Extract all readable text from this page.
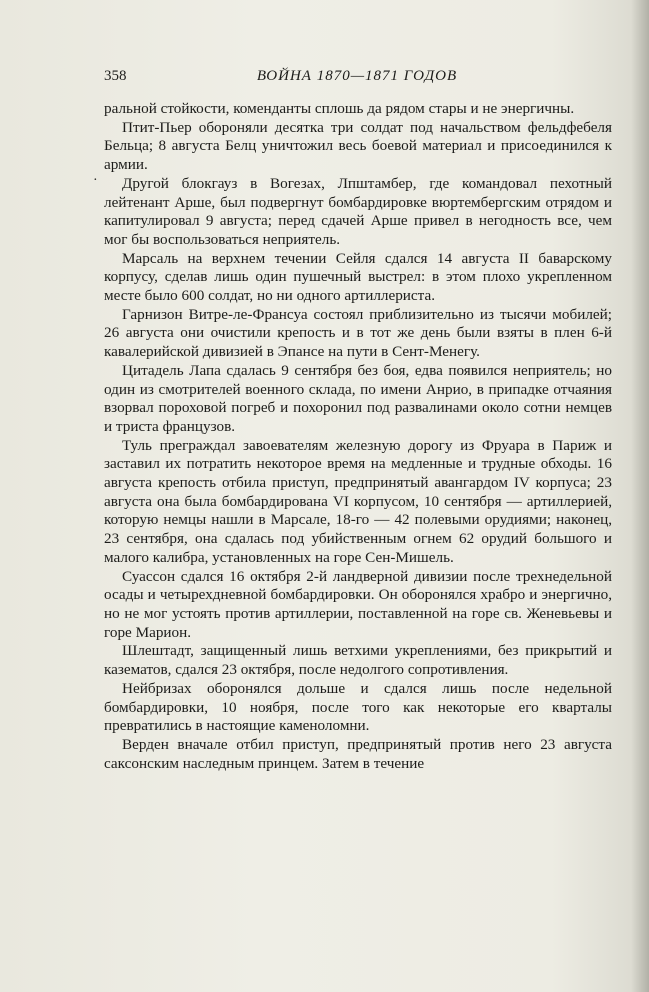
358	ВОЙНА 1870—1871 ГОДОВ
·

ральной стойкости, коменданты сплошь да рядом стары и не энергичны.

Птит-Пьер обороняли десятка три солдат под начальством фельдфебеля Бельца; 8 августа Белц уничтожил весь боевой материал и присоединился к армии.

Другой блокгауз в Вогезах, Лпштамбер, где командовал пехотный лейтенант Арше, был подвергнут бомбардировке вюртембергским отрядом и капитулировал 9 августа; перед сдачей Арше привел в негодность все, чем мог бы воспользоваться неприятель.

Марсаль на верхнем течении Сейля сдался 14 августа II баварскому корпусу, сделав лишь один пушечный выстрел: в этом плохо укрепленном месте было 600 солдат, но ни одного артиллериста.

Гарнизон Витре-ле-Франсуа состоял приблизительно из тысячи мобилей; 26 августа они очистили крепость и в тот же день были взяты в плен 6-й кавалерийской дивизией в Эпансе на пути в Сент-Менегу.

Цитадель Лапа сдалась 9 сентября без боя, едва появился неприятель; но один из смотрителей военного склада, по имени Анрио, в припадке отчаяния взорвал пороховой погреб и похоронил под развалинами около сотни немцев и триста французов.

Туль преграждал завоевателям железную дорогу из Фруара в Париж и заставил их потратить некоторое время на медленные и трудные обходы. 16 августа крепость отбила приступ, предпринятый авангардом IV корпуса; 23 августа она была бомбардирована VI корпусом, 10 сентября — артиллерией, которую немцы нашли в Марсале, 18-го — 42 полевыми орудиями; наконец, 23 сентября, она сдалась под убийственным огнем 62 орудий большого и малого калибра, установленных на горе Сен-Мишель.

Суассон сдался 16 октября 2-й ландверной дивизии после трехнедельной осады и четырехдневной бомбардировки. Он оборонялся храбро и энергично, но не мог устоять против артиллерии, поставленной на горе св. Женевьевы и горе Марион.

Шлештадт, защищенный лишь ветхими укреплениями, без прикрытий и казематов, сдался 23 октября, после недолгого сопротивления.

Нейбризах оборонялся дольше и сдался лишь после недельной бомбардировки, 10 ноября, после того как некоторые его кварталы превратились в настоящие каменоломни.

Верден вначале отбил приступ, предпринятый против него 23 августа саксонским наследным принцем. Затем в течение
